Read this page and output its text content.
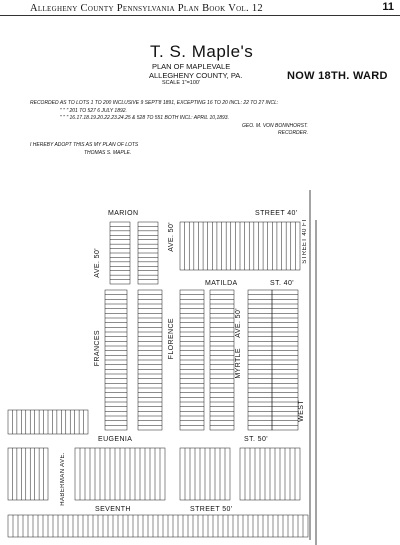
Allegheny County Pennsylvania Plan Book Vol. 12	11
T. S. Maple's
PLAN OF MAPLEVALE
ALLEGHENY COUNTY, PA.
SCALE 1"=100'
NOW 18TH. WARD
RECORDED AS TO LOTS 1 TO 200 INCLUSIVE 9 SEPT'8 1891, EXCEPTING 16 TO 20 INCL: 22 TO 27 INCL:
" " " 201 TO 527 6 JULY 1892.
" " " 16.17.18.19.20.22.23.24.25 & 528 TO 551 BOTH INCL: APRIL 10,1893.
GEO. M. VON BONNHORST.
RECORDER.
I HEREBY ADOPT THIS AS MY PLAN OF LOTS
THOMAS S. MAPLE.
MARION	STREET 40'
MATILDA	ST. 40'
EUGENIA	ST. 50'
SEVENTH	STREET 50'
FRANCES
AVE. 50'
FLORENCE
AVE. 50'
MYRTLE
AVE. 50'
WEST
STREET 40 FT
HABERMAN AVE.
